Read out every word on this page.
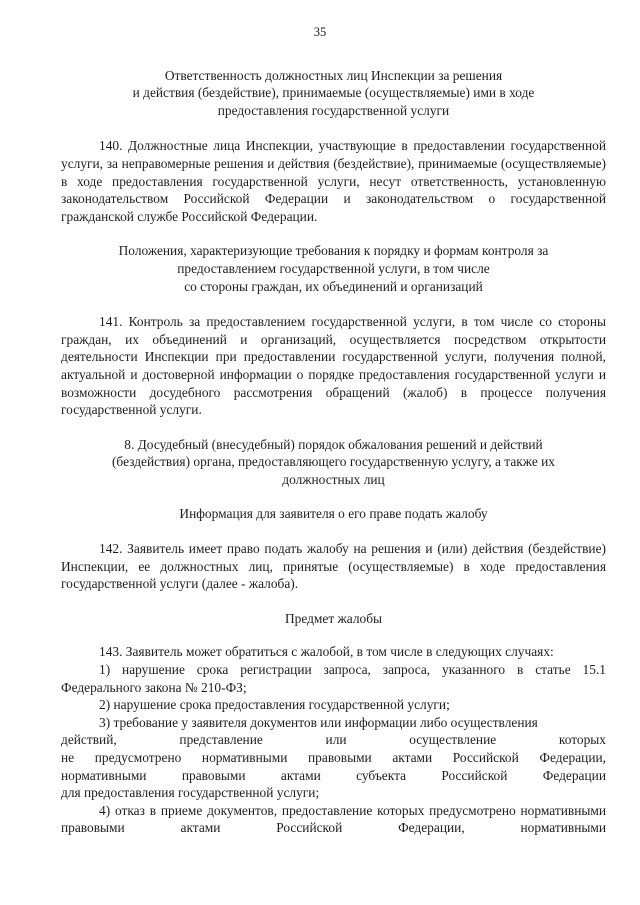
35
Ответственность должностных лиц Инспекции за решения
и действия (бездействие), принимаемые (осуществляемые) ими в ходе
предоставления государственной услуги

140. Должностные лица Инспекции, участвующие в предоставлении государственной услуги, за неправомерные решения и действия (бездействие), принимаемые (осуществляемые) в ходе предоставления государственной услуги, несут ответственность, установленную законодательством Российской Федерации и законодательством о государственной гражданской службе Российской Федерации.

Положения, характеризующие требования к порядку и формам контроля за
предоставлением государственной услуги, в том числе
со стороны граждан, их объединений и организаций

141. Контроль за предоставлением государственной услуги, в том числе со стороны граждан, их объединений и организаций, осуществляется посредством открытости деятельности Инспекции при предоставлении государственной услуги, получения полной, актуальной и достоверной информации о порядке предоставления государственной услуги и возможности досудебного рассмотрения обращений (жалоб) в процессе получения государственной услуги.

8. Досудебный (внесудебный) порядок обжалования решений и действий
(бездействия) органа, предоставляющего государственную услугу, а также их
должностных лиц
Информация для заявителя о его праве подать жалобу

142. Заявитель имеет право подать жалобу на решения и (или) действия (бездействие) Инспекции, ее должностных лиц, принятые (осуществляемые) в ходе предоставления государственной услуги (далее - жалоба).

Предмет жалобы

143. Заявитель может обратиться с жалобой, в том числе в следующих случаях:

1) нарушение срока регистрации запроса, запроса, указанного в статье 15.1 Федерального закона № 210-ФЗ;

2) нарушение срока предоставления государственной услуги;

3) требование у заявителя документов или информации либо осуществления

действий, представление или осуществление которых

не предусмотрено нормативными правовыми актами Российской Федерации,

нормативными правовыми актами субъекта Российской Федерации

для предоставления государственной услуги;

4) отказ в приеме документов, предоставление которых предусмотрено нормативными правовыми актами Российской Федерации, нормативными
